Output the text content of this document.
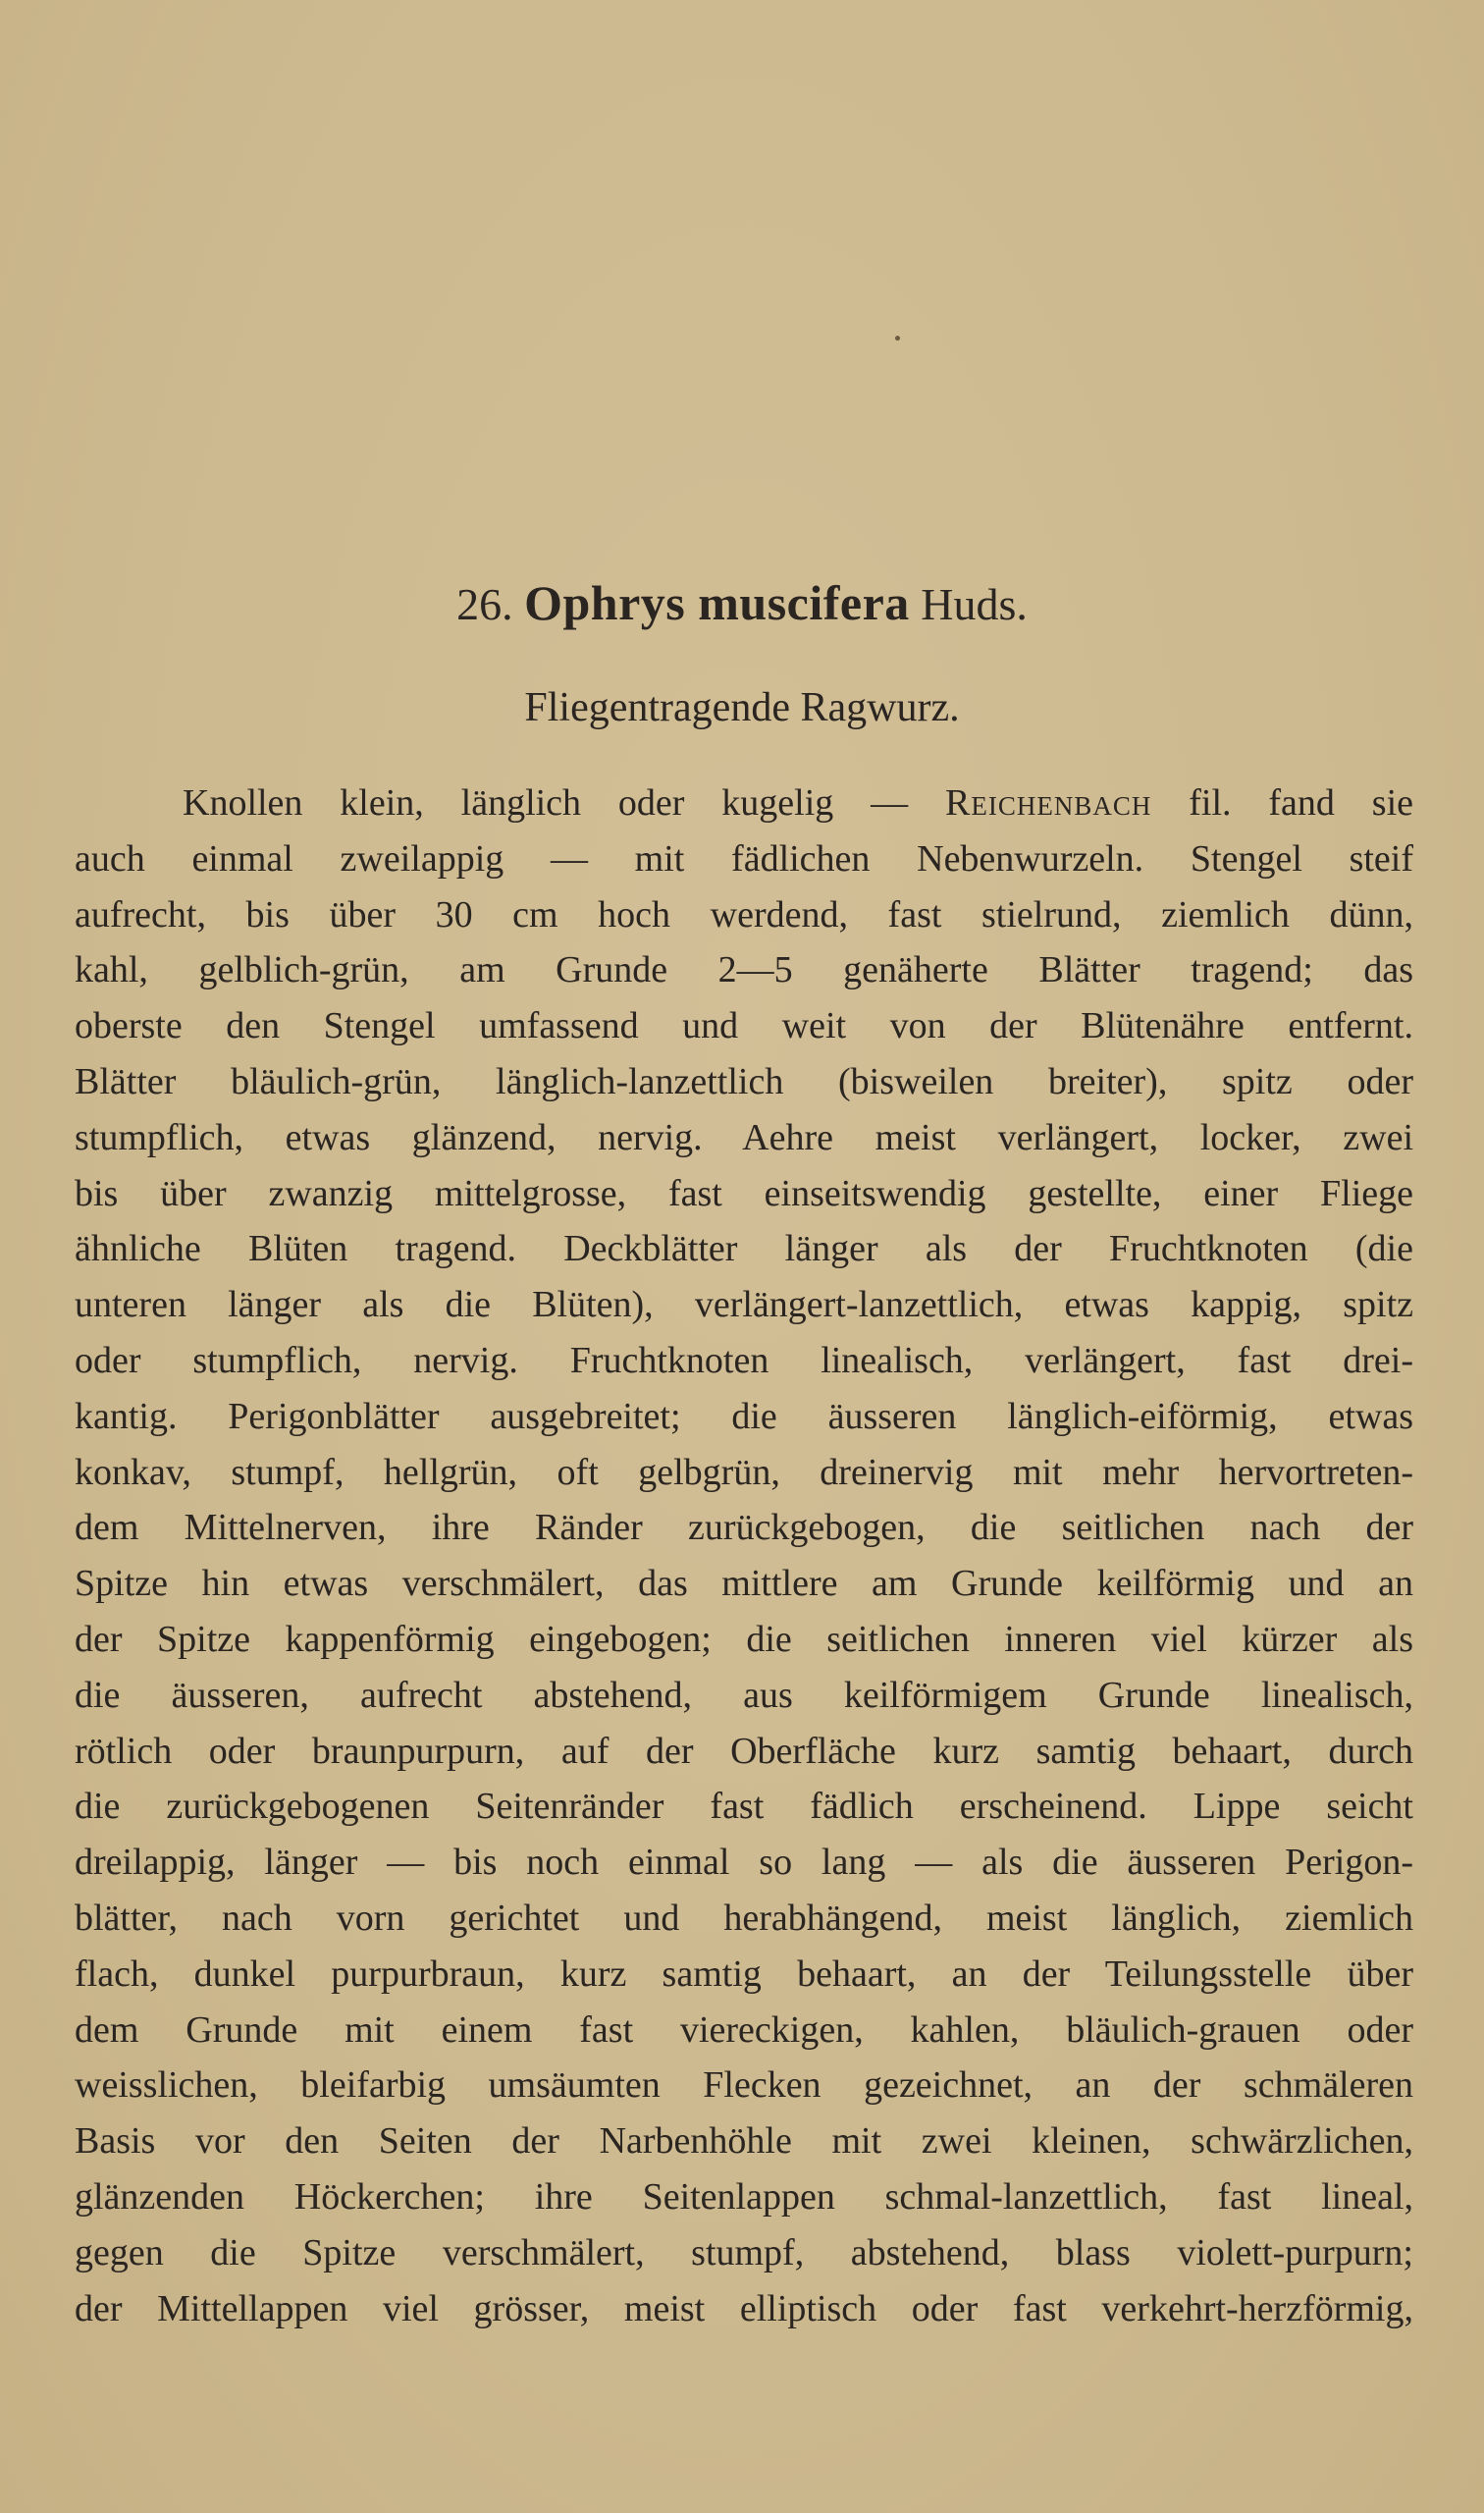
26. Ophrys muscifera Huds.
Fliegentragende Ragwurz.
Knollen klein, länglich oder kugelig — Reichenbach fil. fand sie
auch einmal zweilappig — mit fädlichen Nebenwurzeln. Stengel steif
aufrecht, bis über 30 cm hoch werdend, fast stielrund, ziemlich dünn,
kahl, gelblich-grün, am Grunde 2—5 genäherte Blätter tragend; das
oberste den Stengel umfassend und weit von der Blütenähre entfernt.
Blätter bläulich-grün, länglich-lanzettlich (bisweilen breiter), spitz oder
stumpflich, etwas glänzend, nervig. Aehre meist verlängert, locker, zwei
bis über zwanzig mittelgrosse, fast einseitswendig gestellte, einer Fliege
ähnliche Blüten tragend. Deckblätter länger als der Fruchtknoten (die
unteren länger als die Blüten), verlängert-lanzettlich, etwas kappig, spitz
oder stumpflich, nervig. Fruchtknoten linealisch, verlängert, fast drei-
kantig. Perigonblätter ausgebreitet; die äusseren länglich-eiförmig, etwas
konkav, stumpf, hellgrün, oft gelbgrün, dreinervig mit mehr hervortreten-
dem Mittelnerven, ihre Ränder zurückgebogen, die seitlichen nach der
Spitze hin etwas verschmälert, das mittlere am Grunde keilförmig und an
der Spitze kappenförmig eingebogen; die seitlichen inneren viel kürzer als
die äusseren, aufrecht abstehend, aus keilförmigem Grunde linealisch,
rötlich oder braunpurpurn, auf der Oberfläche kurz samtig behaart, durch
die zurückgebogenen Seitenränder fast fädlich erscheinend. Lippe seicht
dreilappig, länger — bis noch einmal so lang — als die äusseren Perigon-
blätter, nach vorn gerichtet und herabhängend, meist länglich, ziemlich
flach, dunkel purpurbraun, kurz samtig behaart, an der Teilungsstelle über
dem Grunde mit einem fast viereckigen, kahlen, bläulich-grauen oder
weisslichen, bleifarbig umsäumten Flecken gezeichnet, an der schmäleren
Basis vor den Seiten der Narbenhöhle mit zwei kleinen, schwärzlichen,
glänzenden Höckerchen; ihre Seitenlappen schmal-lanzettlich, fast lineal,
gegen die Spitze verschmälert, stumpf, abstehend, blass violett-purpurn;
der Mittellappen viel grösser, meist elliptisch oder fast verkehrt-herzförmig,
